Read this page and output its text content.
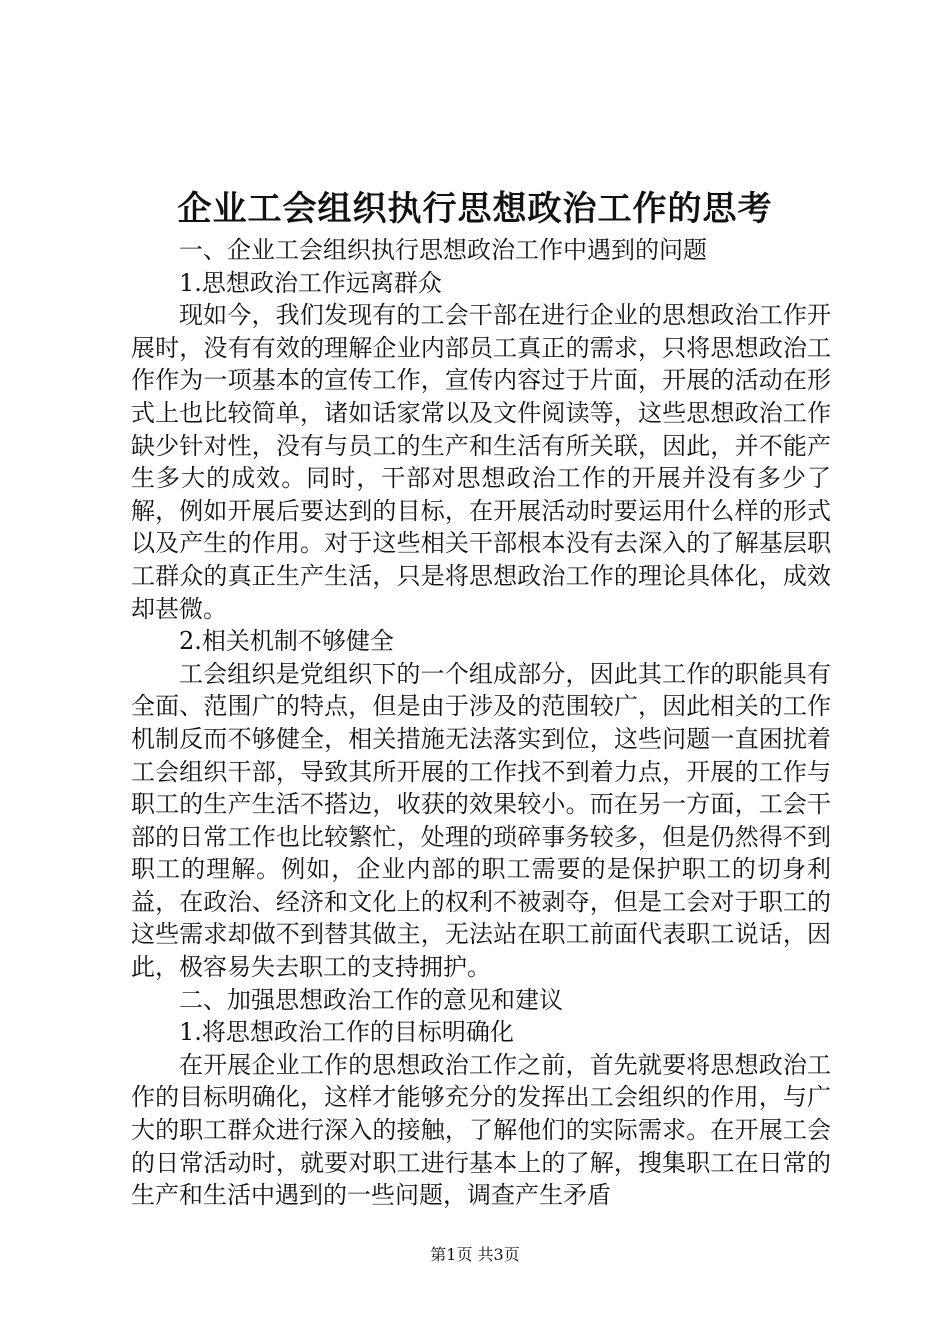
企业工会组织执行思想政治工作的思考

一、企业工会组织执行思想政治工作中遇到的问题

1.思想政治工作远离群众

现如今，我们发现有的工会干部在进行企业的思想政治工作开展时，没有有效的理解企业内部员工真正的需求，只将思想政治工作作为一项基本的宣传工作，宣传内容过于片面，开展的活动在形式上也比较简单，诸如话家常以及文件阅读等，这些思想政治工作缺少针对性，没有与员工的生产和生活有所关联，因此，并不能产生多大的成效。同时，干部对思想政治工作的开展并没有多少了解，例如开展后要达到的目标，在开展活动时要运用什么样的形式以及产生的作用。对于这些相关干部根本没有去深入的了解基层职工群众的真正生产生活，只是将思想政治工作的理论具体化，成效却甚微。

2.相关机制不够健全

工会组织是党组织下的一个组成部分，因此其工作的职能具有全面、范围广的特点，但是由于涉及的范围较广，因此相关的工作机制反而不够健全，相关措施无法落实到位，这些问题一直困扰着工会组织干部，导致其所开展的工作找不到着力点，开展的工作与职工的生产生活不搭边，收获的效果较小。而在另一方面，工会干部的日常工作也比较繁忙，处理的琐碎事务较多，但是仍然得不到职工的理解。例如，企业内部的职工需要的是保护职工的切身利益，在政治、经济和文化上的权利不被剥夺，但是工会对于职工的这些需求却做不到替其做主，无法站在职工前面代表职工说话，因此，极容易失去职工的支持拥护。

二、加强思想政治工作的意见和建议

1.将思想政治工作的目标明确化

在开展企业工作的思想政治工作之前，首先就要将思想政治工作的目标明确化，这样才能够充分的发挥出工会组织的作用，与广大的职工群众进行深入的接触，了解他们的实际需求。在开展工会的日常活动时，就要对职工进行基本上的了解，搜集职工在日常的生产和生活中遇到的一些问题，调查产生矛盾

第1页 共3页
